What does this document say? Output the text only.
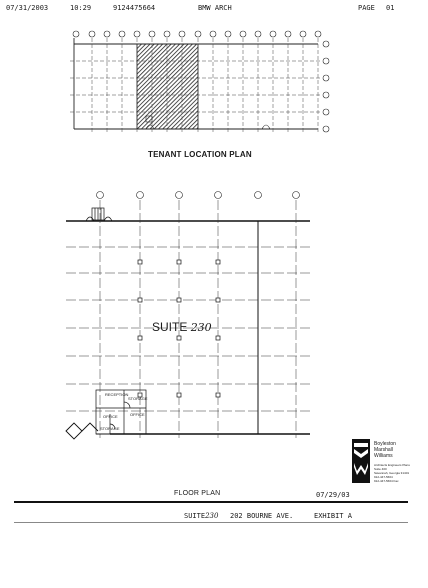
07/31/2003	10:29	9124475664	BMW ARCH	PAGE 01
TENANT LOCATION PLAN
SUITE 230
RECEPTION
STORAGE
OFFICE	OFFICE
STORAGE
Boyleston
Marshall
Williams
Architects Engineers Plans
Suite 400
Savannah, Georgia 31401
912-447-5664
912-447-5664 Fax
FLOOR PLAN	07/29/03
SUITE230 202 BOURNE AVE.	EXHIBIT A
